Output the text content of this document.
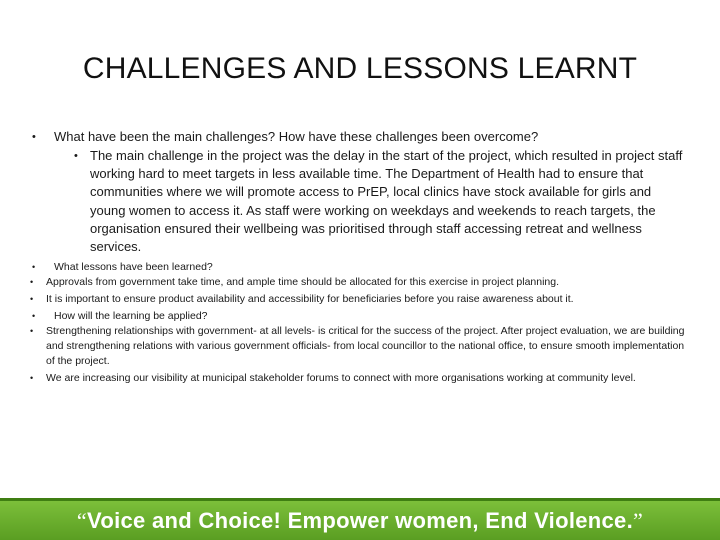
CHALLENGES AND LESSONS LEARNT
• What have been the main challenges? How have these challenges been overcome?
• The main challenge in the project was the delay in the start of the project, which resulted in project staff working hard to meet targets in less available time. The Department of Health had to ensure that communities where we will promote access to PrEP, local clinics have stock available for girls and young women to access it. As staff were working on weekdays and weekends to reach targets, the organisation ensured their wellbeing was prioritised through staff accessing retreat and wellness services.
• What lessons have been learned?
• Approvals from government take time, and ample time should be allocated for this exercise in project planning.
• It is important to ensure product availability and accessibility for beneficiaries before you raise awareness about it.
• How will the learning be applied?
• Strengthening relationships with government- at all levels- is critical for the success of the project. After project evaluation, we are building and strengthening relations with various government officials- from local councillor to the national office, to ensure smooth implementation of the project.
• We are increasing our visibility at municipal stakeholder forums to connect with more organisations working at community level.
“Voice and Choice! Empower women, End Violence.”
